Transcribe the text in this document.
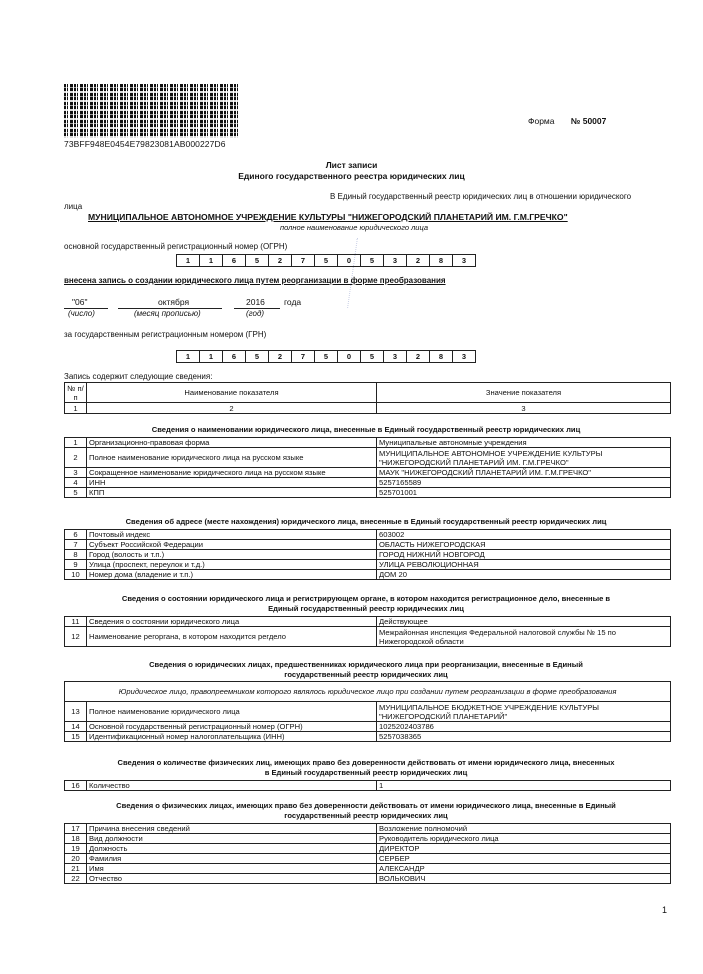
73BFF948E0454E79823081AB000227D6
Форма № 50007
Лист записи
Единого государственного реестра юридических лиц
В Единый государственный реестр юридических лиц в отношении юридического
лица
МУНИЦИПАЛЬНОЕ АВТОНОМНОЕ УЧРЕЖДЕНИЕ КУЛЬТУРЫ "НИЖЕГОРОДСКИЙ ПЛАНЕТАРИЙ ИМ. Г.М.ГРЕЧКО"
полное наименование юридического лица
основной государственный регистрационный номер (ОГРН)
1	1	6	5	2	7	5	0	5	3	2	8	3
внесена запись о создании юридического лица путем реорганизации в форме преобразования
"06"	октября	2016 года
(число)	(месяц прописью)	(год)
за государственным регистрационным номером (ГРН)
1	1	6	5	2	7	5	0	5	3	2	8	3
Запись содержит следующие сведения:
№ п/п	Наименование показателя	Значение показателя
1	2	3
Сведения о наименовании юридического лица, внесенные в Единый государственный реестр юридических лиц
1	Организационно-правовая форма	Муниципальные автономные учреждения
2	Полное наименование юридического лица на русском языке	МУНИЦИПАЛЬНОЕ АВТОНОМНОЕ УЧРЕЖДЕНИЕ КУЛЬТУРЫ "НИЖЕГОРОДСКИЙ ПЛАНЕТАРИЙ ИМ. Г.М.ГРЕЧКО"
3	Сокращенное наименование юридического лица на русском языке	МАУК "НИЖЕГОРОДСКИЙ ПЛАНЕТАРИЙ ИМ. Г.М.ГРЕЧКО"
4	ИНН	5257165589
5	КПП	525701001
Сведения об адресе (месте нахождения) юридического лица, внесенные в Единый государственный реестр юридических лиц
6	Почтовый индекс	603002
7	Субъект Российской Федерации	ОБЛАСТЬ НИЖЕГОРОДСКАЯ
8	Город (волость и т.п.)	ГОРОД НИЖНИЙ НОВГОРОД
9	Улица (проспект, переулок и т.д.)	УЛИЦА РЕВОЛЮЦИОННАЯ
10	Номер дома (владение и т.п.)	ДОМ 20
Сведения о состоянии юридического лица и регистрирующем органе, в котором находится регистрационное дело, внесенные в
Единый государственный реестр юридических лиц
11	Сведения о состоянии юридического лица	Действующее
12	Наименование регоргана, в котором находится регдело	Межрайонная инспекция Федеральной налоговой службы № 15 по Нижегородской области
Сведения о юридических лицах, предшественниках юридического лица при реорганизации, внесенные в Единый
государственный реестр юридических лиц
Юридическое лицо, правопреемником которого являлось юридическое лицо при создании путем реорганизации в форме преобразования		
13	Полное наименование юридического лица	МУНИЦИПАЛЬНОЕ БЮДЖЕТНОЕ УЧРЕЖДЕНИЕ КУЛЬТУРЫ "НИЖЕГОРОДСКИЙ ПЛАНЕТАРИЙ"
14	Основной государственный регистрационный номер (ОГРН)	1025202403786
15	Идентификационный номер налогоплательщика (ИНН)	5257038365
Сведения о количестве физических лиц, имеющих право без доверенности действовать от имени юридического лица, внесенных
в Единый государственный реестр юридических лиц
16	Количество	1
Сведения о физических лицах, имеющих право без доверенности действовать от имени юридического лица, внесенные в Единый
государственный реестр юридических лиц
17	Причина внесения сведений	Возложение полномочий
18	Вид должности	Руководитель юридического лица
19	Должность	ДИРЕКТОР
20	Фамилия	СЕРБЕР
21	Имя	АЛЕКСАНДР
22	Отчество	ВОЛЬКОВИЧ
1
